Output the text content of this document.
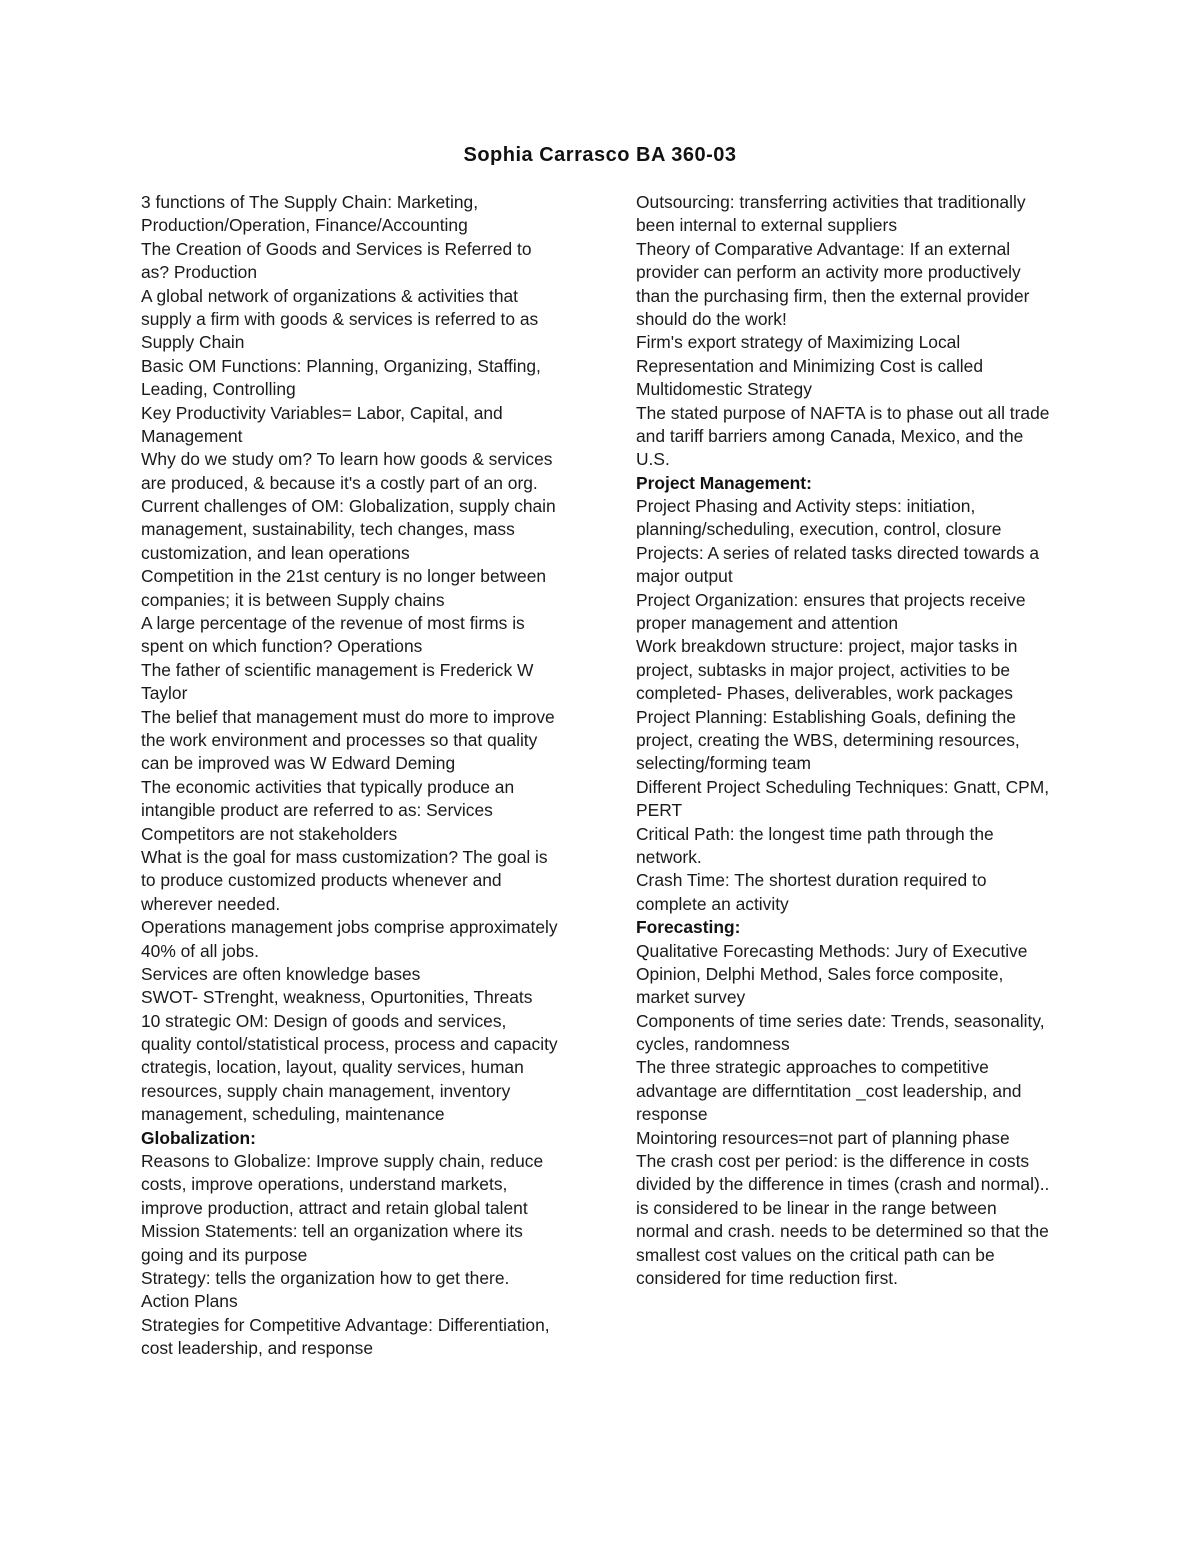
Sophia Carrasco BA 360-03
3 functions of The Supply Chain: Marketing,
Production/Operation, Finance/Accounting
The Creation of Goods and Services is Referred to
as? Production
A global network of organizations & activities that
supply a firm with goods & services is referred to as
Supply Chain
Basic OM Functions: Planning, Organizing, Staffing,
Leading, Controlling
Key Productivity Variables= Labor, Capital, and
Management
Why do we study om? To learn how goods & services
are produced, & because it's a costly part of an org.
Current challenges of OM: Globalization, supply chain
management, sustainability, tech changes, mass
customization, and lean operations
Competition in the 21st century is no longer between
companies; it is between Supply chains
A large percentage of the revenue of most firms is
spent on which function? Operations
The father of scientific management is Frederick W
Taylor
The belief that management must do more to improve
the work environment and processes so that quality
can be improved was W Edward Deming
The economic activities that typically produce an
intangible product are referred to as: Services
Competitors are not stakeholders
What is the goal for mass customization? The goal is
to produce customized products whenever and
wherever needed.
Operations management jobs comprise approximately
40% of all jobs.
Services are often knowledge bases
SWOT- STrenght, weakness, Opurtonities, Threats
10 strategic OM: Design of goods and services,
quality contol/statistical process, process and capacity
ctrategis, location, layout, quality services, human
resources, supply chain management, inventory
management, scheduling, maintenance
Globalization:
Reasons to Globalize: Improve supply chain, reduce
costs, improve operations, understand markets,
improve production, attract and retain global talent
Mission Statements: tell an organization where its
going and its purpose
Strategy: tells the organization how to get there.
Action Plans
Strategies for Competitive Advantage: Differentiation,
cost leadership, and response
Outsourcing: transferring activities that traditionally
been internal to external suppliers
Theory of Comparative Advantage: If an external
provider can perform an activity more productively
than the purchasing firm, then the external provider
should do the work!
Firm's export strategy of Maximizing Local
Representation and Minimizing Cost is called
Multidomestic Strategy
The stated purpose of NAFTA is to phase out all trade
and tariff barriers among Canada, Mexico, and the
U.S.
Project Management:
Project Phasing and Activity steps: initiation,
planning/scheduling, execution, control, closure
Projects: A series of related tasks directed towards a
major output
Project Organization: ensures that projects receive
proper management and attention
Work breakdown structure: project, major tasks in
project, subtasks in major project, activities to be
completed- Phases, deliverables, work packages
Project Planning: Establishing Goals, defining the
project, creating the WBS, determining resources,
selecting/forming team
Different Project Scheduling Techniques: Gnatt, CPM,
PERT
Critical Path: the longest time path through the
network.
Crash Time: The shortest duration required to
complete an activity
Forecasting:
Qualitative Forecasting Methods: Jury of Executive
Opinion, Delphi Method, Sales force composite,
market survey
Components of time series date: Trends, seasonality,
cycles, randomness
The three strategic approaches to competitive
advantage are differntitation _cost leadership, and
response
Mointoring resources=not part of planning phase
The crash cost per period: is the difference in costs
divided by the difference in times (crash and normal)..
is considered to be linear in the range between
normal and crash. needs to be determined so that the
smallest cost values on the critical path can be
considered for time reduction first.
